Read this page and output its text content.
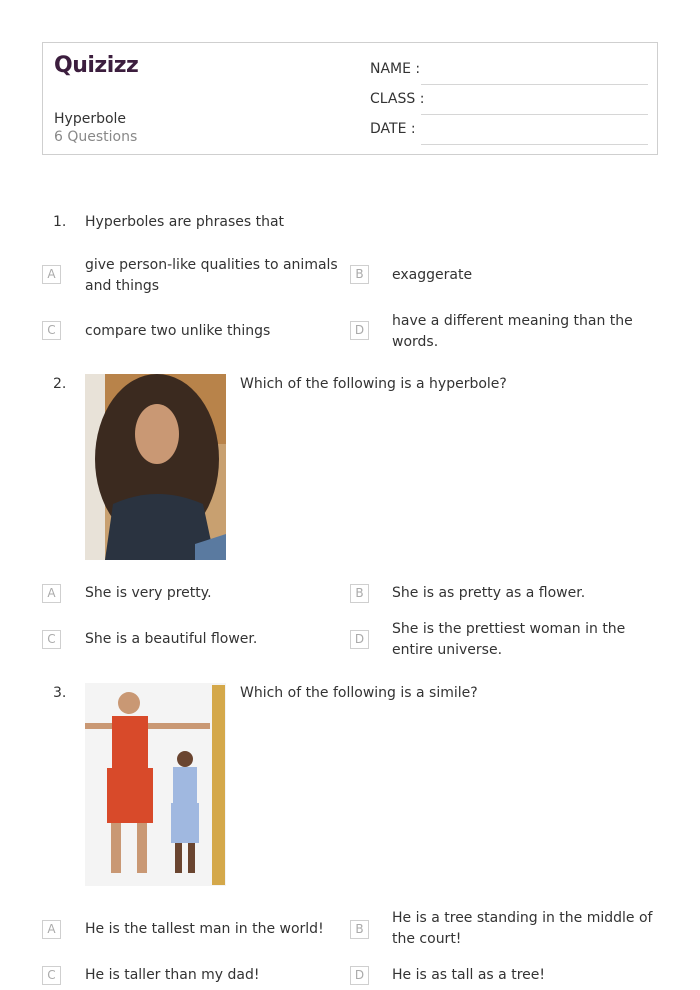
Quizizz
Hyperbole
6 Questions
NAME :
CLASS :
DATE :
1. Hyperboles are phrases that
A
give person-like qualities to animals and things
B	exaggerate
C	compare two unlike things	D
have a different meaning than the words.
2.	Which of the following is a hyperbole?
A	She is very pretty.	B	She is as pretty as a flower.
C	She is a beautiful flower.	D
She is the prettiest woman in the entire universe.
3.	Which of the following is a simile?
A	He is the tallest man in the world!	B
He is a tree standing in the middle of the court!
C	He is taller than my dad!	D	He is as tall as a tree!
